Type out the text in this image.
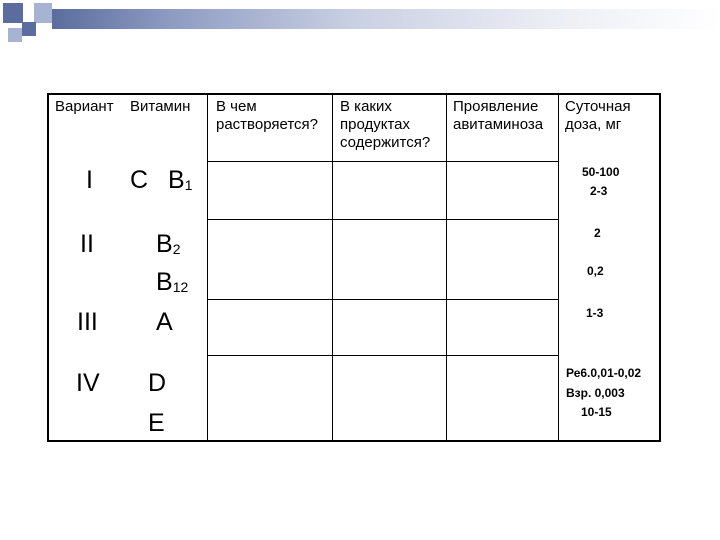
Вариант Витамин В чем
растворяется?
В каких
продуктах
содержится?
Проявление
авитаминоза
Суточная
доза, мг
I C B1
50-100
2-3
II B2
B12
2
0,2
III A	1-3
IV D
E
Ре6.0,01-0,02
Взр. 0,003
10-15
